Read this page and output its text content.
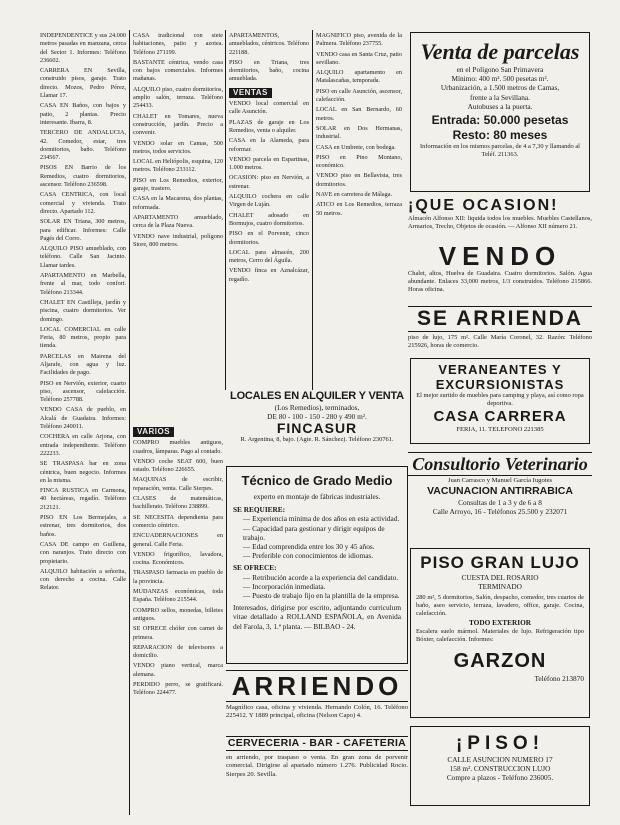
INDEPENDENTICE y sus 24.000 metros pasadas en manzana, cerca del Sector 1. Informes: Teléfono 236602.

CARRERA EN Sevilla, construido pisos, garaje. Trato directo. Mozos, Pedro Pérez, Llamar 17.

CASA EN Baños, con bajos y patio, 2 plantas. Precio interesante. Ibarra, 8.

TERCERO DE ANDALUCIA, 42. Comedor, estar, tres dormitorios, baño. Teléfono 234567.

PISOS EN Barrio de los Remedios, cuatro dormitorios, ascensor. Teléfono 236598.

CASA CENTRICA, con local comercial y vivienda. Trato directo. Apartado 112.

SOLAR EN Triana, 300 metros, para edificar. Informes: Calle Pagés del Corro.

ALQUILO PISO amueblado, con teléfono. Calle San Jacinto. Llamar tardes.

APARTAMENTO en Marbella, frente al mar, todo confort. Teléfono 213344.

CHALET EN Castilleja, jardín y piscina, cuatro dormitorios. Ver domingo.

LOCAL COMERCIAL en calle Feria, 80 metros, propio para tienda.

PARCELAS en Mairena del Aljarafe, con agua y luz. Facilidades de pago.

PISO en Nervión, exterior, cuarto piso, ascensor, calefacción. Teléfono 257788.

VENDO CASA de pueblo, en Alcalá de Guadaira. Informes: Teléfono 240011.

COCHERA en calle Arjona, con entrada independiente. Teléfono 222233.

SE TRASPASA bar en zona céntrica, buen negocio. Informes en la misma.

FINCA RUSTICA en Carmona, 40 hectáreas, regadío. Teléfono 212121.

PISO EN Los Bermejales, a estrenar, tres dormitorios, dos baños.

CASA DE campo en Guillena, con naranjos. Trato directo con propietario.

ALQUILO habitación a señorita, con derecho a cocina. Calle Relator.

CASA tradicional con siete habitaciones, patio y azotea. Teléfono 271199.

BASTANTE céntrica, vendo casa con bajos comerciales. Informes mañanas.

ALQUILO piso, cuatro dormitorios, amplio salón, terraza. Teléfono 254433.

CHALET en Tomares, nueva construcción, jardín. Precio a convenir.

VENDO solar en Camas, 500 metros, todos servicios.

LOCAL en Heliópolis, esquina, 120 metros. Teléfono 233112.

PISO en Los Remedios, exterior, garaje, trastero.

CASA en la Macarena, dos plantas, reformada.

APARTAMENTO amueblado, cerca de la Plaza Nueva.

VENDO nave industrial, polígono Store, 800 metros.

VARIOS

COMPRO muebles antiguos, cuadros, lámparas. Pago al contado.

VENDO coche SEAT 600, buen estado. Teléfono 226655.

MAQUINAS de escribir, reparación, venta. Calle Sierpes.

CLASES de matemáticas, bachillerato. Teléfono 238899.

SE NECESITA dependienta para comercio céntrico.

ENCUADERNACIONES en general. Calle Feria.

VENDO frigorífico, lavadora, cocina. Económicos.

TRASPASO farmacia en pueblo de la provincia.

MUDANZAS económicas, toda España. Teléfono 215544.

COMPRO sellos, monedas, billetes antiguos.

SE OFRECE chófer con carnet de primera.

REPARACION de televisores a domicilio.

VENDO piano vertical, marca alemana.

PERDIDO perro, se gratificará. Teléfono 224477.

APARTAMENTOS, amueblados, céntricos. Teléfono 221188.

PISO en Triana, tres dormitorios, baño, cocina amueblada.

VENTAS

VENDO local comercial en calle Asunción.

PLAZAS de garaje en Los Remedios, venta o alquiler.

CASA en la Alameda, para reformar.

VENDO parcela en Espartinas, 1.000 metros.

OCASION: piso en Nervión, a estrenar.

ALQUILO cochera en calle Virgen de Luján.

CHALET adosado en Bormujos, cuatro dormitorios.

PISO en el Porvenir, cinco dormitorios.

LOCAL para almacén, 200 metros, Cerro del Águila.

VENDO finca en Aznalcázar, regadío.

MAGNIFICO piso, avenida de la Palmera. Teléfono 237755.

VENDO casa en Santa Cruz, patio sevillano.

ALQUILO apartamento en Matalascañas, temporada.

PISO en calle Asunción, ascensor, calefacción.

LOCAL en San Bernardo, 60 metros.

SOLAR en Dos Hermanas, industrial.

CASA en Umbrete, con bodega.

PISO en Pino Montano, económico.

VENDO piso en Bellavista, tres dormitorios.

NAVE en carretera de Málaga.

ATICO en Los Remedios, terraza 50 metros.

LOCALES EN ALQUILER Y VENTA
(Los Remedios), terminados,
DE 80 - 100 - 150 - 280 y 490 m².
FINCASUR
R. Argentina, 8, bajo. (Agte. R. Sánchez). Teléfono 230761.
Técnico de Grado Medio
experto en montaje de fábricas industriales.
SE REQUIERE:
— Experiencia mínima de dos años en esta actividad.
— Capacidad para gestionar y dirigir equipos de trabajo.
— Edad comprendida entre los 30 y 45 años.
— Preferible con conocimientos de idiomas.
SE OFRECE:
— Retribución acorde a la experiencia del candidato.
— Incorporación inmediata.
— Puesto de trabajo fijo en la plantilla de la empresa.
Interesados, dirigirse por escrito, adjuntando curriculum vitae detallado a ROLLAND ESPAÑOLA, en Avenida del Farola, 3, 1.ª planta. — BILBAO - 24.
ARRIENDO
Magnífico casa, oficina y vivienda. Hernando Colón, 16. Teléfono 225412. Y 1889 principal, oficina (Nelson Capo) 4.
CERVECERIA - BAR - CAFETERIA
en arriendo, por traspaso o venta. En gran zona de porvenir comercial. Dirigirse al apartado número 1.276. Publicidad Rocio. Sierpes 20. Sevilla.
Venta de parcelas
en el Polígono San Primavera
Mínimo: 400 m². 500 pesetas m².
Urbanización, a 1.500 metros de Camas,
frente a la Sevillana.
Autobuses a la puerta.
Entrada: 50.000 pesetas
Resto: 80 meses
Información en los mismos parcelas, de 4 a 7,30 y llamando al Teléf. 211363.
¡QUE OCASION!
Almacén Alfonso XII: liquida todos los muebles. Muebles Castellanos, Armarios, Trecho, Objetos de ocasión. — Alfonso XII número 21.
VENDO
Chalet, altos, Huelva de Guadaira. Cuatro dormitorios. Salón. Agua abundante. Enlaces 33,000 metros, 1/3 construidos. Teléfono 215866. Horas oficina.
SE ARRIENDA
piso de lujo, 175 m². Calle María Coronel, 32. Razón: Teléfono 215926, horas de comercio.
VERANEANTES Y
EXCURSIONISTAS
El mejor surtido de muebles para camping y playa, así como ropa deportiva.
CASA CARRERA
FERIA, 11. TELEFONO 221385
Consultorio Veterinario
Juan Carrasco y Manuel García Iugotes
VACUNACION ANTIRRABICA
Consultas de 1 a 3 y de 6 a 8
Calle Arroyo, 16 - Teléfonos 25.500 y 232071
PISO GRAN LUJO
CUESTA DEL ROSARIO
TERMINADO
280 m², 5 dormitorios, Salón, despacho, comedor, tres cuartos de baño, aseo servicio, terraza, lavadero, office, garaje. Cocina, calefacción.
TODO EXTERIOR
Escalera suelo mármol. Materiales de lujo. Refrigeración tipo Bóxter, calefacción. Informes:
GARZON
Teléfono 213870
¡PISO!
CALLE ASUNCION NUMERO 17
158 m². CONSTRUCCION LUJO
Compre a plazos - Teléfono 236005.
